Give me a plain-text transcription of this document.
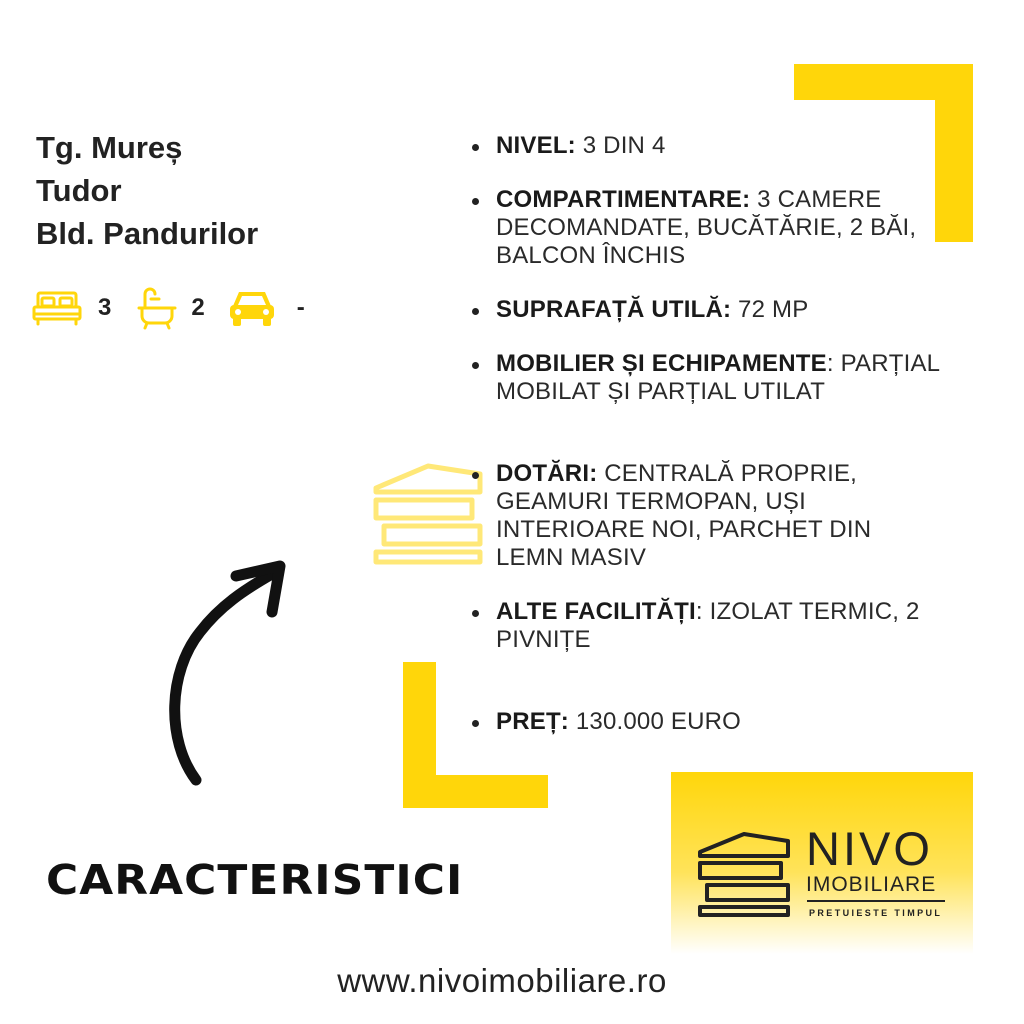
Tg. Mureș
Tudor
Bld. Pandurilor
3	2	-
NIVEL: 3 DIN 4
COMPARTIMENTARE: 3 CAMERE DECOMANDATE, BUCĂTĂRIE, 2 BĂI, BALCON ÎNCHIS
SUPRAFAȚĂ UTILĂ: 72 MP
MOBILIER ȘI ECHIPAMENTE: PARȚIAL MOBILAT ȘI PARȚIAL UTILAT
DOTĂRI: CENTRALĂ PROPRIE, GEAMURI TERMOPAN, UȘI INTERIOARE NOI, PARCHET DIN LEMN MASIV
ALTE FACILITĂȚI: IZOLAT TERMIC, 2 PIVNIȚE
PREȚ: 130.000 EURO
CARACTERISTICI
NIVO
IMOBILIARE
PRETUIESTE TIMPUL
www.nivoimobiliare.ro
